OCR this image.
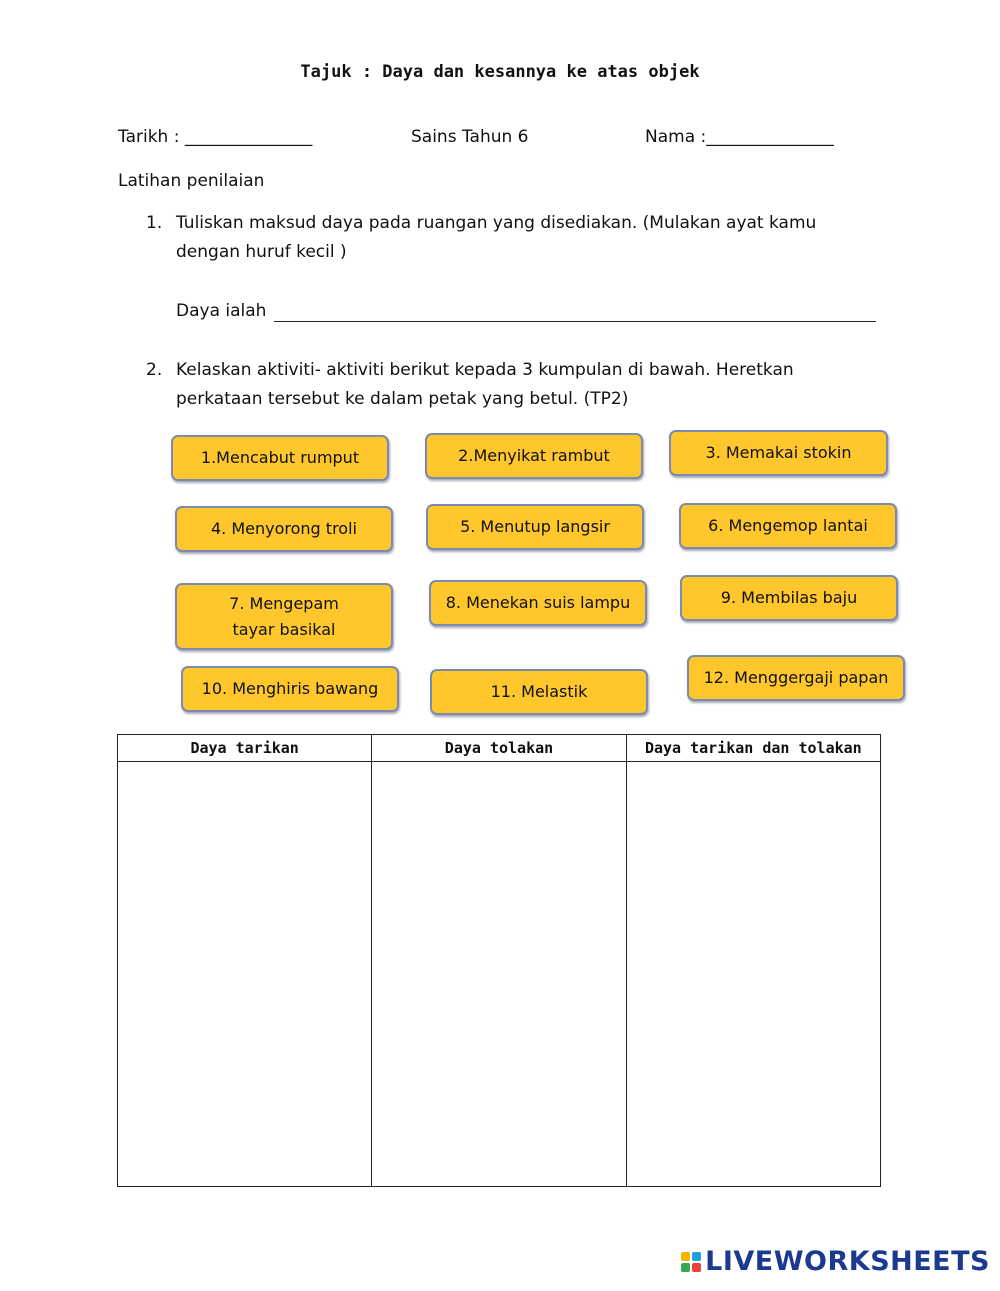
Tajuk : Daya dan kesannya ke atas objek
Tarikh : _______________	Sains Tahun 6	Nama :_______________
Latihan penilaian
1. Tuliskan maksud daya pada ruangan yang disediakan. (Mulakan ayat kamu
dengan huruf kecil )
Daya ialah
2. Kelaskan aktiviti- aktiviti berikut kepada 3 kumpulan di bawah. Heretkan
perkataan tersebut ke dalam petak yang betul. (TP2)
1.Mencabut rumput	2.Menyikat rambut	3. Memakai stokin
4. Menyorong troli	5. Menutup langsir	6. Mengemop lantai
7. Mengepam tayar basikal
8. Menekan suis lampu	9. Membilas baju
10. Menghiris bawang	11. Melastik
12. Menggergaji papan
Daya tarikan	Daya tolakan	Daya tarikan dan tolakan

LIVEWORKSHEETS
